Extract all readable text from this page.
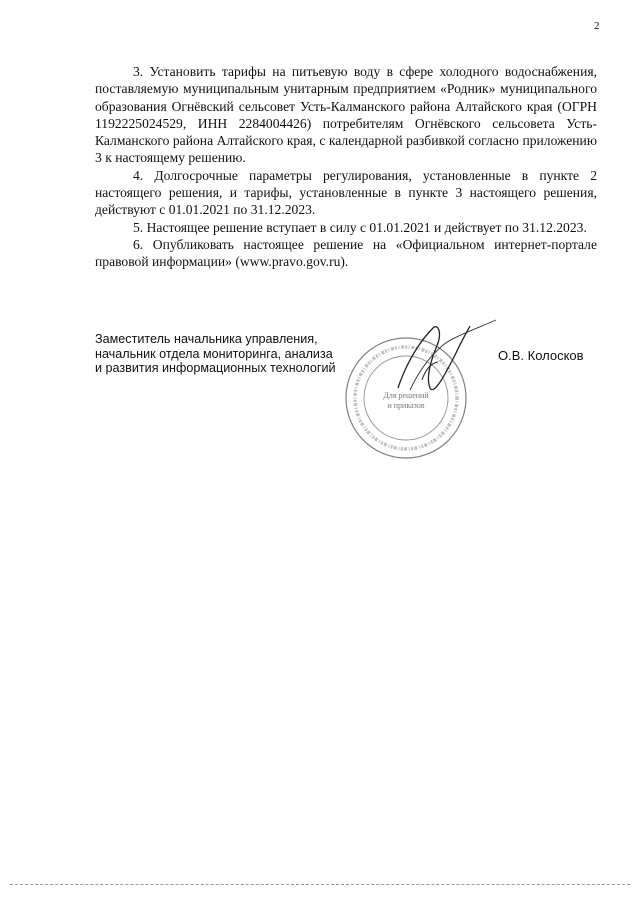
2

3. Установить тарифы на питьевую воду в сфере холодного водоснабжения, поставляемую муниципальным унитарным предприятием «Родник» муниципального образования Огнёвский сельсовет Усть-Калманского района Алтайского края (ОГРН 1192225024529, ИНН 2284004426) потребителям Огнёвского сельсовета Усть-Калманского района Алтайского края, с календарной разбивкой согласно приложению 3 к настоящему решению.

4. Долгосрочные параметры регулирования, установленные в пункте 2 настоящего решения, и тарифы, установленные в пункте 3 настоящего решения, действуют с 01.01.2021 по 31.12.2023.

5. Настоящее решение вступает в силу с 01.01.2021 и действует по 31.12.2023.

6. Опубликовать настоящее решение на «Официальном интернет-портале правовой информации» (www.pravo.gov.ru).

Заместитель начальника управления,
начальник отдела мониторинга, анализа
и развития информационных технологий
Для решений
и приказов
О.В. Колосков
